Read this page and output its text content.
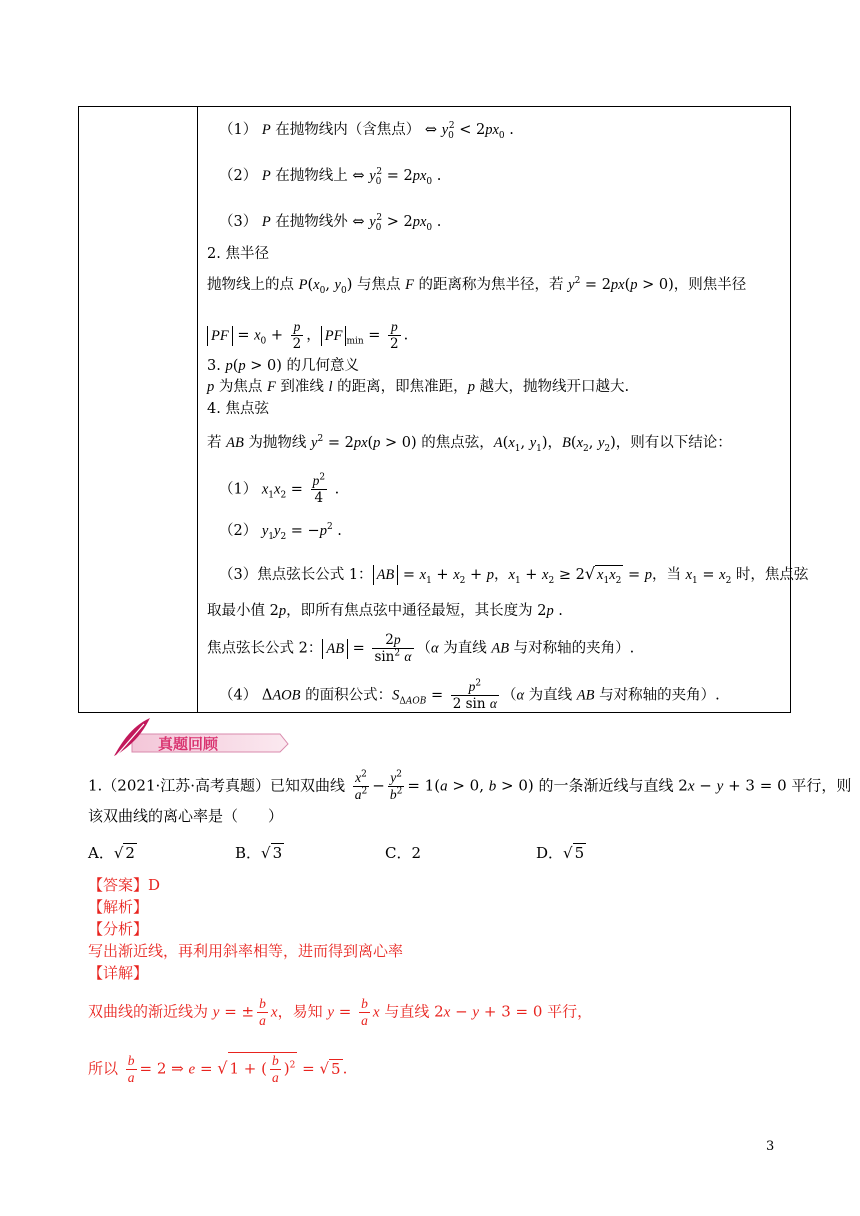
（1） P 在抛物线内（含焦点） ⇔ $y_0^2 < 2px_0$ .
（2） P 在抛物线上 ⇔ $y_0^2 = 2px_0$ .
（3） P 在抛物线外 ⇔ $y_0^2 > 2px_0$ .
2. 焦半径
抛物线上的点 $P(x_0$, $y_0$) 与焦点 F 的距离称为焦半径，若 $y^2 = 2px(p > 0)$，则焦半径
PF = $x_0 + \frac{p}{2}$ ， PF $_{min} = \frac{p}{2}$ .
3. p(p > 0) 的几何意义
p 为焦点 F 到准线 l 的距离，即焦准距，p 越大，抛物线开口越大.
4. 焦点弦
若 AB 为抛物线 $y^2 = 2px(p > 0)$ 的焦点弦，$A(x_1$, $y_1$)，$B(x_2$, $y_2$)，则有以下结论：
（1） $x_1x_2 = \frac{p^2}{4}$ .
（2） $y_1y_2 = -p^2$ .
（3）焦点弦长公式 1： AB = $x_1 + x_2 + p$，$x_1 + x_2 \ge 2√$ $x_1x_2 = p$，当 $x_1 = x_2$ 时，焦点弦
取最小值 2p，即所有焦点弦中通径最短，其长度为 2p .
焦点弦长公式 2： AB = $\frac{2p}{\sin^2 \alpha} (\alpha$ 为直线 AB 与对称轴的夹角）.
（4） ΔAOB 的面积公式：$S_{\Delta AOB} = \frac{p^2}{\text{2 sin α}} (\alpha$ 为直线 AB 与对称轴的夹角）.
真题回顾
1.（2021·江苏·高考真题）已知双曲线 $\frac{x^2}{a^2} - \frac{y^2}{b^2} = 1(a > 0$, b > 0) 的一条渐近线与直线 2x − y + 3 = 0 平行，则
该双曲线的离心率是（　　）
A．√ 2	B．√ 3	C．2	D．√ 5
【答案】D
【解析】
【分析】
写出渐近线，再利用斜率相等，进而得到离心率
【详解】
双曲线的渐近线为 y = ± $\frac{b}{a}$ x，易知 $y = \frac{b}{a}$ x 与直线 2x − y + 3 = 0 平行，
所以 $\frac{b}{a} = 2$ ⇒ e = √ 1 + ( $\frac{b}{a} )^2$ = √ 5 .
3
